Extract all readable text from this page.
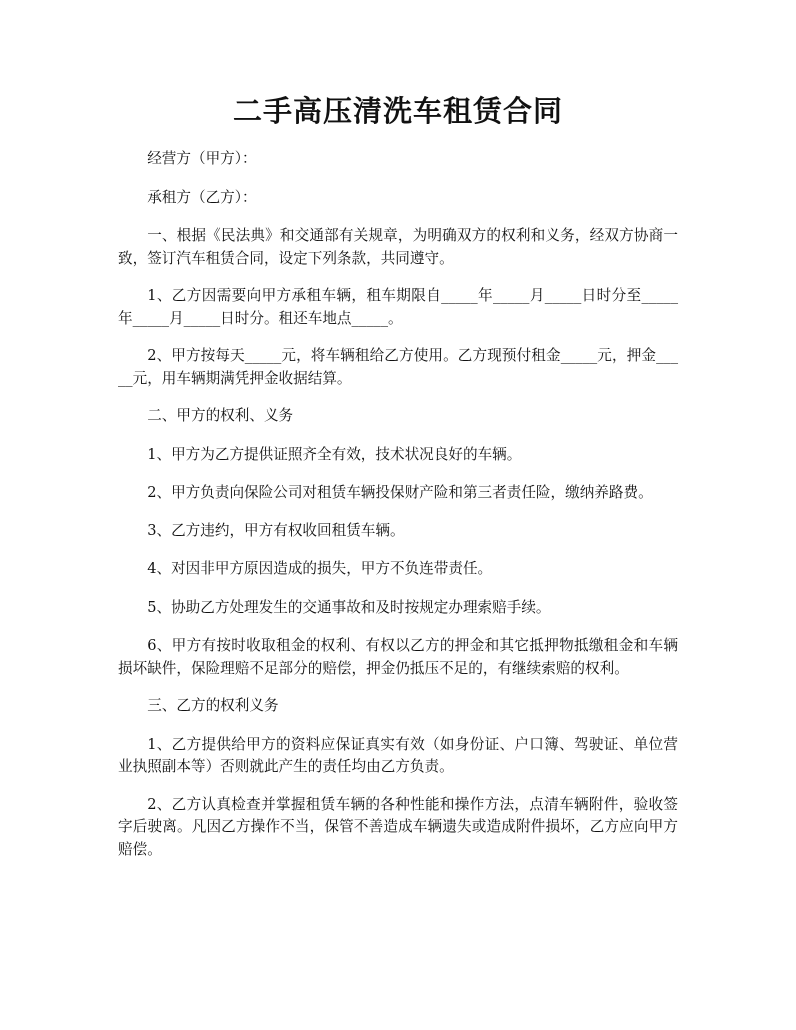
二手高压清洗车租赁合同

经营方（甲方）：

承租方（乙方）：

一、根据《民法典》和交通部有关规章，为明确双方的权利和义务，经双方协商一致，签订汽车租赁合同，设定下列条款，共同遵守。

1、乙方因需要向甲方承租车辆，租车期限自_____年_____月_____日时分至_____年_____月_____日时分。租还车地点_____。

2、甲方按每天_____元，将车辆租给乙方使用。乙方现预付租金_____元，押金_____元，用车辆期满凭押金收据结算。

二、甲方的权利、义务

1、甲方为乙方提供证照齐全有效，技术状况良好的车辆。

2、甲方负责向保险公司对租赁车辆投保财产险和第三者责任险，缴纳养路费。

3、乙方违约，甲方有权收回租赁车辆。

4、对因非甲方原因造成的损失，甲方不负连带责任。

5、协助乙方处理发生的交通事故和及时按规定办理索赔手续。

6、甲方有按时收取租金的权利、有权以乙方的押金和其它抵押物抵缴租金和车辆损坏缺件，保险理赔不足部分的赔偿，押金仍抵压不足的，有继续索赔的权利。

三、乙方的权利义务

1、乙方提供给甲方的资料应保证真实有效（如身份证、户口簿、驾驶证、单位营业执照副本等）否则就此产生的责任均由乙方负责。

2、乙方认真检查并掌握租赁车辆的各种性能和操作方法，点清车辆附件，验收签字后驶离。凡因乙方操作不当，保管不善造成车辆遗失或造成附件损坏，乙方应向甲方赔偿。
